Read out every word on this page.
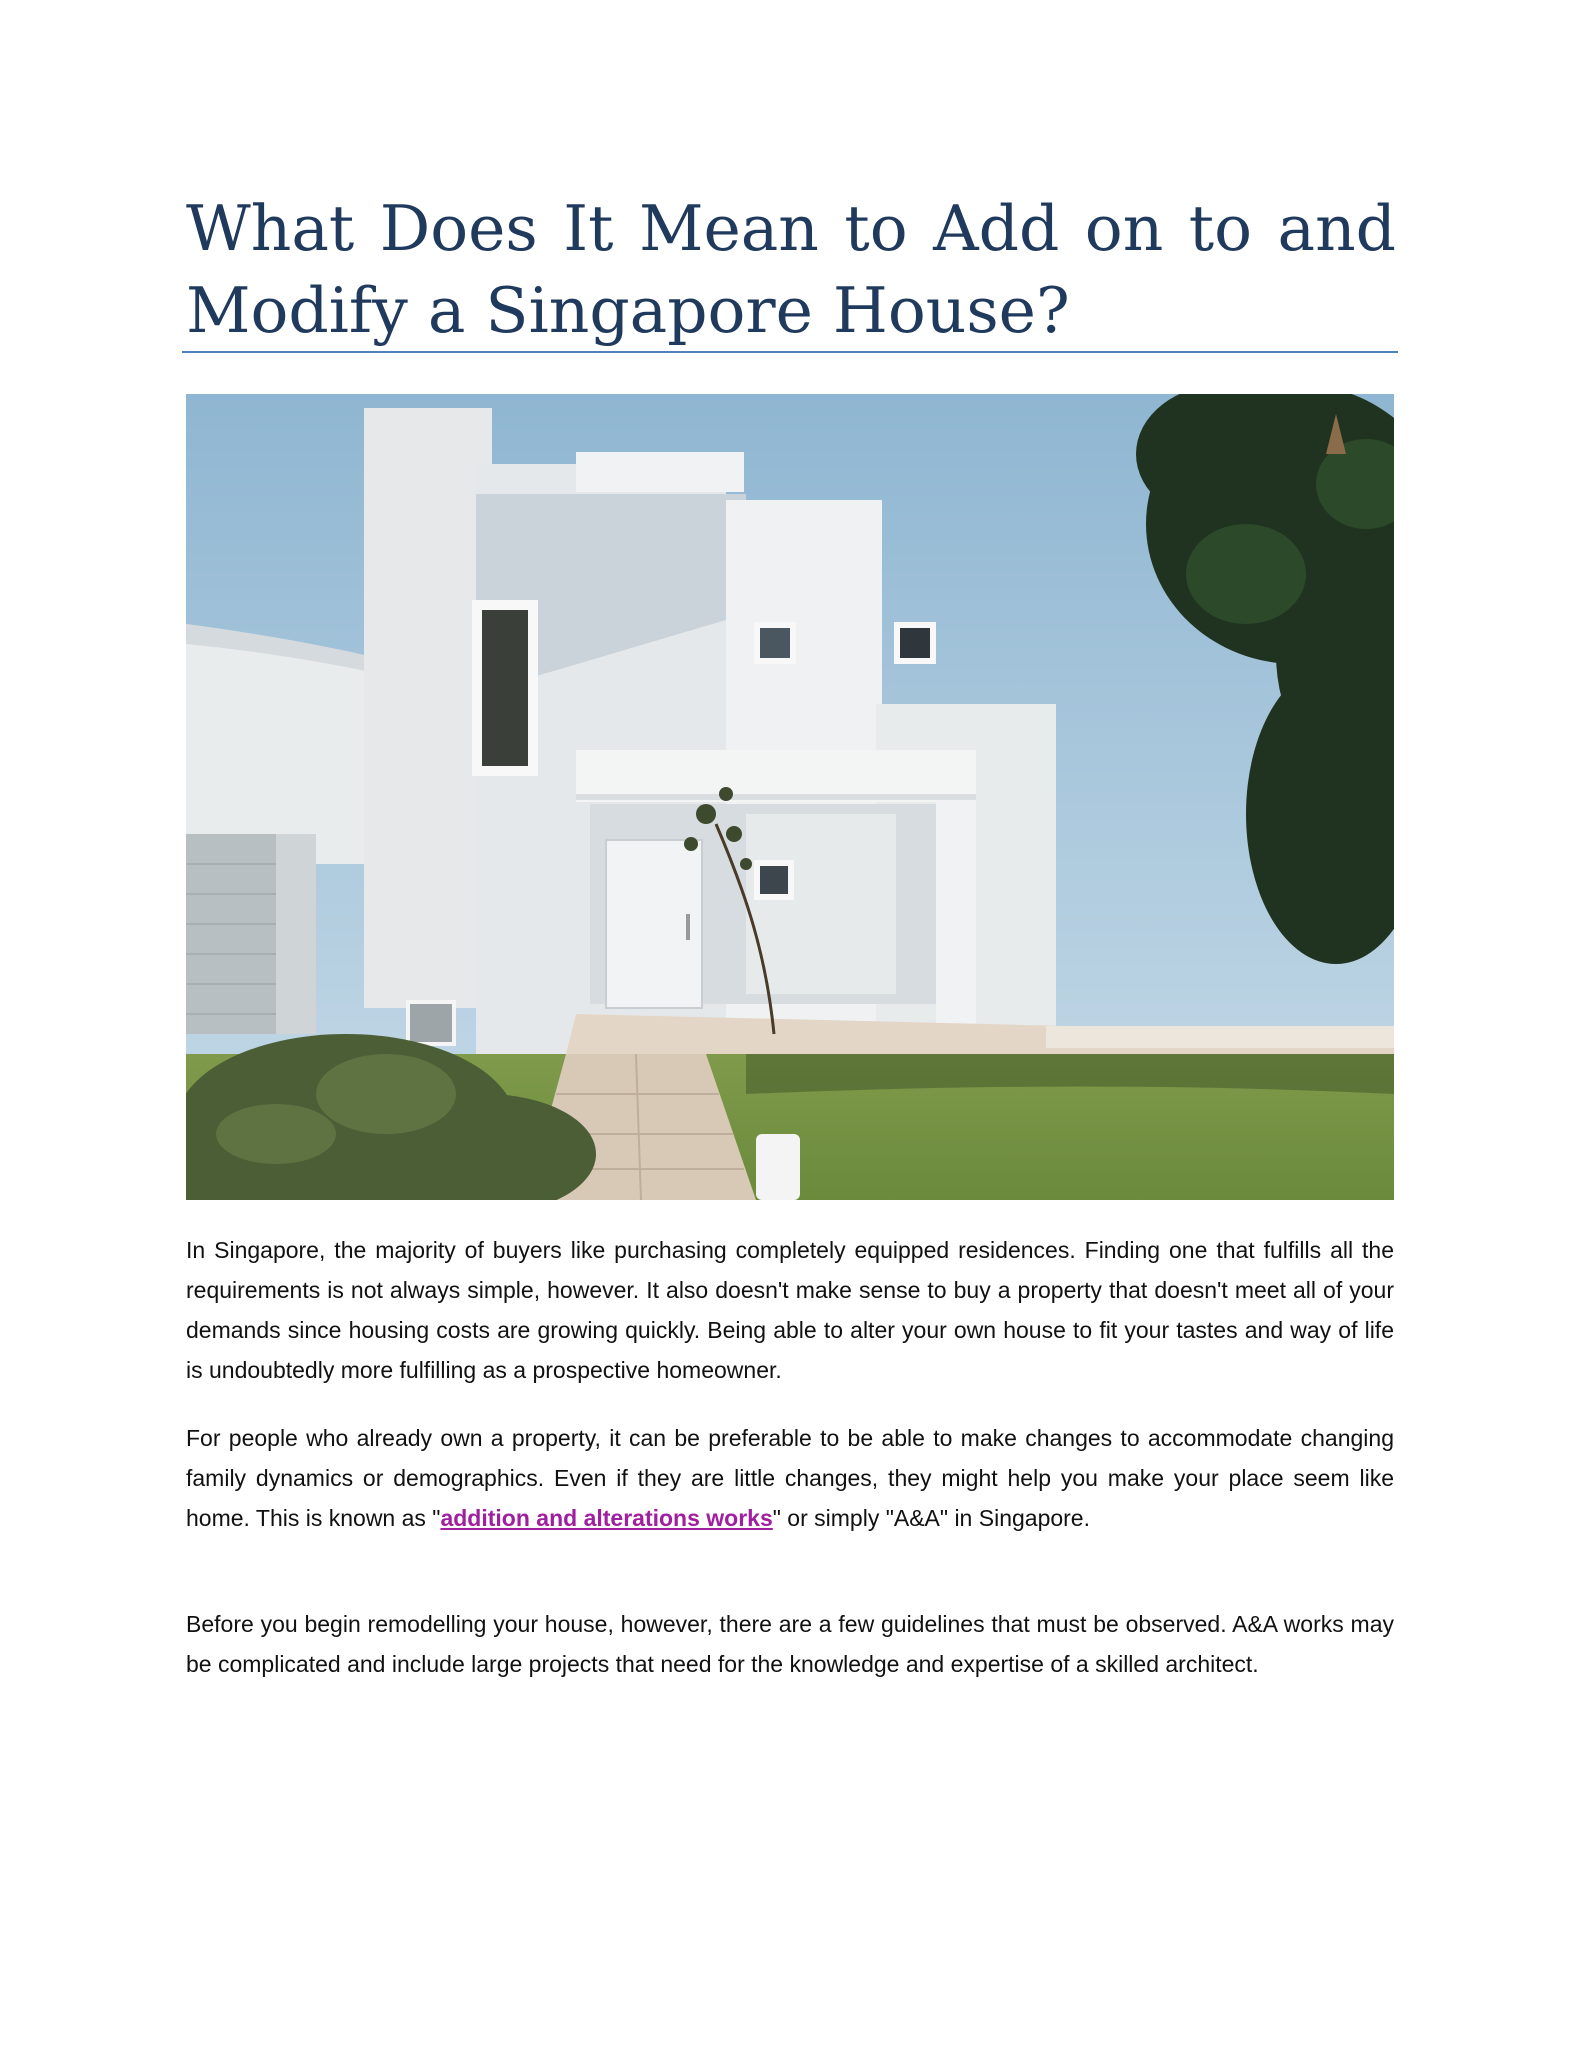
What Does It Mean to Add on to and Modify a Singapore House?

In Singapore, the majority of buyers like purchasing completely equipped residences. Finding one that fulfills all the requirements is not always simple, however. It also doesn't make sense to buy a property that doesn't meet all of your demands since housing costs are growing quickly. Being able to alter your own house to fit your tastes and way of life is undoubtedly more fulfilling as a prospective homeowner.

For people who already own a property, it can be preferable to be able to make changes to accommodate changing family dynamics or demographics. Even if they are little changes, they might help you make your place seem like home. This is known as "addition and alterations works" or simply "A&A" in Singapore.

Before you begin remodelling your house, however, there are a few guidelines that must be observed. A&A works may be complicated and include large projects that need for the knowledge and expertise of a skilled architect.
